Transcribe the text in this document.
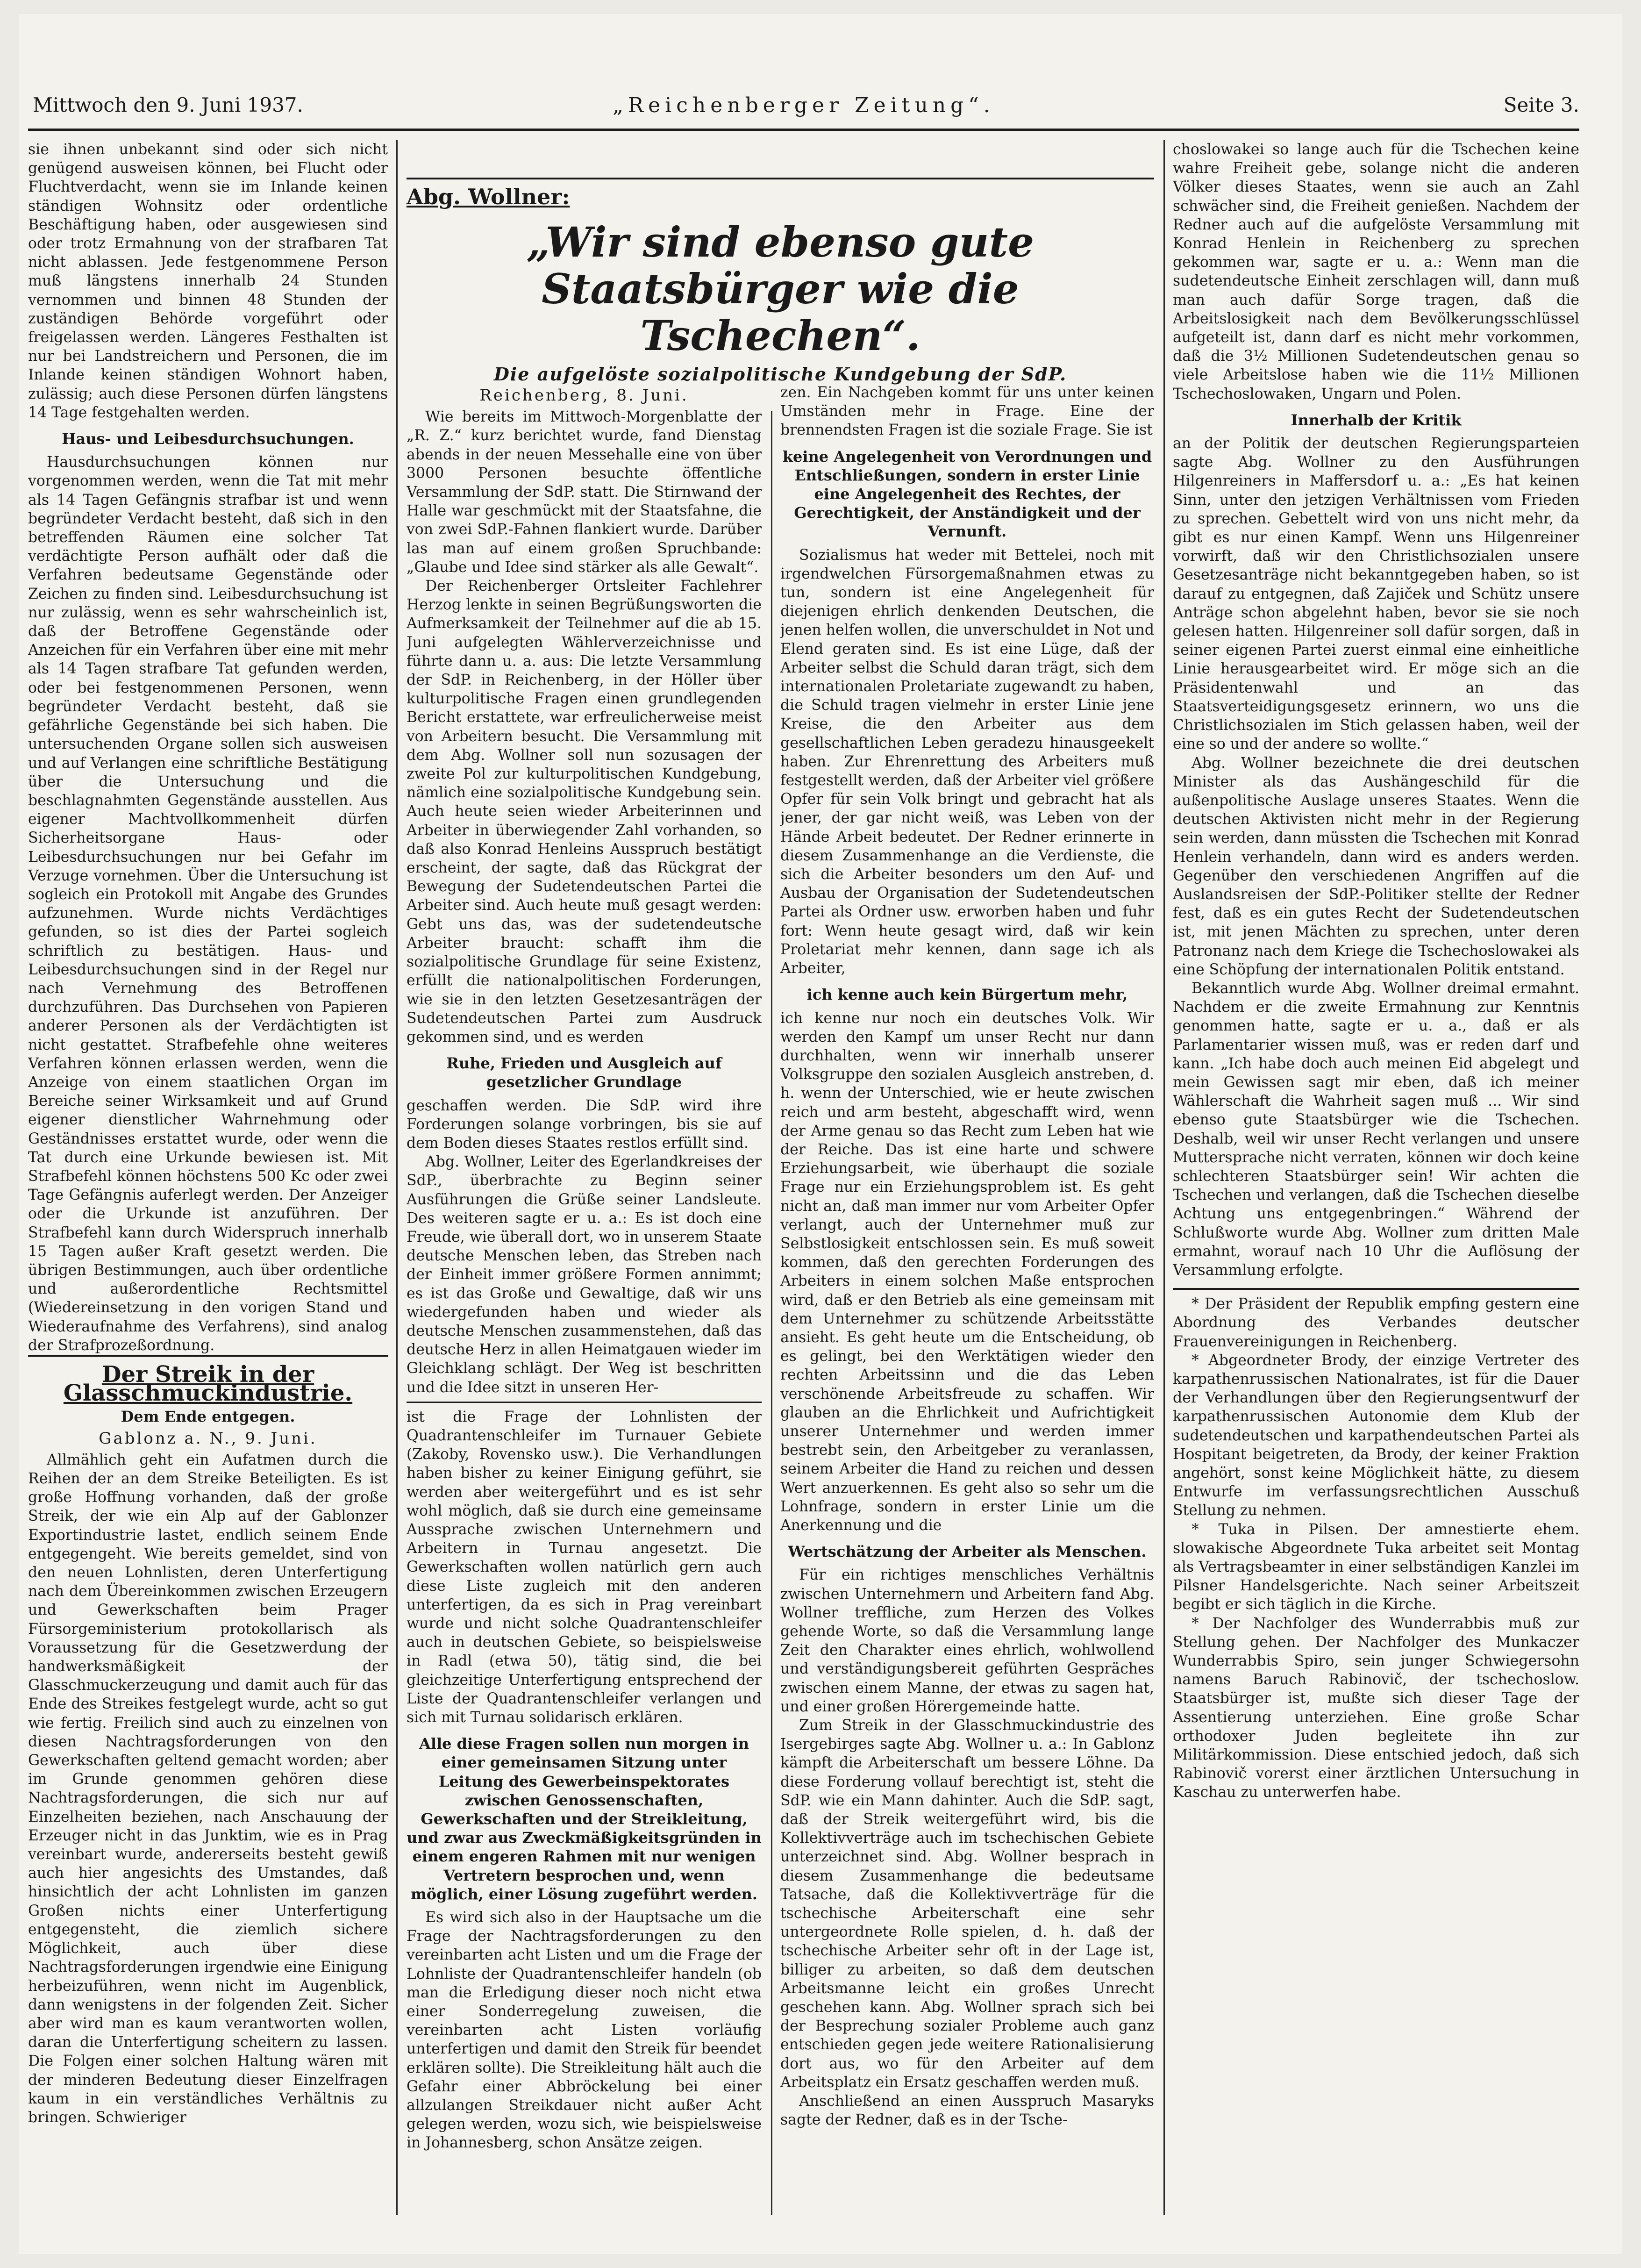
Mittwoch den 9. Juni 1937.	„Reichenberger Zeitung“.	Seite 3.

sie ihnen unbekannt sind oder sich nicht genügend ausweisen können, bei Flucht oder Fluchtverdacht, wenn sie im Inlande keinen ständigen Wohnsitz oder ordentliche Beschäftigung haben, oder ausgewiesen sind oder trotz Ermahnung von der strafbaren Tat nicht ablassen. Jede festgenommene Person muß längstens innerhalb 24 Stunden vernommen und binnen 48 Stunden der zuständigen Behörde vorgeführt oder freigelassen werden. Längeres Festhalten ist nur bei Landstreichern und Personen, die im Inlande keinen ständigen Wohnort haben, zulässig; auch diese Personen dürfen längstens 14 Tage festgehalten werden.

Haus- und Leibesdurchsuchungen.

Hausdurchsuchungen können nur vorgenommen werden, wenn die Tat mit mehr als 14 Tagen Gefängnis strafbar ist und wenn begründeter Verdacht besteht, daß sich in den betreffenden Räumen eine solcher Tat verdächtigte Person aufhält oder daß die Verfahren bedeutsame Gegenstände oder Zeichen zu finden sind. Leibesdurchsuchung ist nur zulässig, wenn es sehr wahrscheinlich ist, daß der Betroffene Gegenstände oder Anzeichen für ein Verfahren über eine mit mehr als 14 Tagen strafbare Tat gefunden werden, oder bei festgenommenen Personen, wenn begründeter Verdacht besteht, daß sie gefährliche Gegenstände bei sich haben. Die untersuchenden Organe sollen sich ausweisen und auf Verlangen eine schriftliche Bestätigung über die Untersuchung und die beschlagnahmten Gegenstände ausstellen. Aus eigener Machtvollkommenheit dürfen Sicherheitsorgane Haus- oder Leibesdurchsuchungen nur bei Gefahr im Verzuge vornehmen. Über die Untersuchung ist sogleich ein Protokoll mit Angabe des Grundes aufzunehmen. Wurde nichts Verdächtiges gefunden, so ist dies der Partei sogleich schriftlich zu bestätigen. Haus- und Leibesdurchsuchungen sind in der Regel nur nach Vernehmung des Betroffenen durchzuführen. Das Durchsehen von Papieren anderer Personen als der Verdächtigten ist nicht gestattet. Strafbefehle ohne weiteres Verfahren können erlassen werden, wenn die Anzeige von einem staatlichen Organ im Bereiche seiner Wirksamkeit und auf Grund eigener dienstlicher Wahrnehmung oder Geständnisses erstattet wurde, oder wenn die Tat durch eine Urkunde bewiesen ist. Mit Strafbefehl können höchstens 500 Kc oder zwei Tage Gefängnis auferlegt werden. Der Anzeiger oder die Urkunde ist anzuführen. Der Strafbefehl kann durch Widerspruch innerhalb 15 Tagen außer Kraft gesetzt werden. Die übrigen Bestimmungen, auch über ordentliche und außerordentliche Rechtsmittel (Wiedereinsetzung in den vorigen Stand und Wiederaufnahme des Verfahrens), sind analog der Strafprozeßordnung.

Der Streik in der Glasschmuckindustrie.
Dem Ende entgegen.
Gablonz a. N., 9. Juni.

Allmählich geht ein Aufatmen durch die Reihen der an dem Streike Beteiligten. Es ist große Hoffnung vorhanden, daß der große Streik, der wie ein Alp auf der Gablonzer Exportindustrie lastet, endlich seinem Ende entgegengeht. Wie bereits gemeldet, sind von den neuen Lohnlisten, deren Unterfertigung nach dem Übereinkommen zwischen Erzeugern und Gewerkschaften beim Prager Fürsorgeministerium protokollarisch als Voraussetzung für die Gesetzwerdung der handwerksmäßigkeit der Glasschmuckerzeugung und damit auch für das Ende des Streikes festgelegt wurde, acht so gut wie fertig. Freilich sind auch zu einzelnen von diesen Nachtragsforderungen von den Gewerkschaften geltend gemacht worden; aber im Grunde genommen gehören diese Nachtragsforderungen, die sich nur auf Einzelheiten beziehen, nach Anschauung der Erzeuger nicht in das Junktim, wie es in Prag vereinbart wurde, andererseits besteht gewiß auch hier angesichts des Umstandes, daß hinsichtlich der acht Lohnlisten im ganzen Großen nichts einer Unterfertigung entgegensteht, die ziemlich sichere Möglichkeit, auch über diese Nachtragsforderungen irgendwie eine Einigung herbeizuführen, wenn nicht im Augenblick, dann wenigstens in der folgenden Zeit. Sicher aber wird man es kaum verantworten wollen, daran die Unterfertigung scheitern zu lassen. Die Folgen einer solchen Haltung wären mit der minderen Bedeutung dieser Einzelfragen kaum in ein verständliches Verhältnis zu bringen. Schwieriger

Abg. Wollner:
„Wir sind ebenso gute Staatsbürger wie die Tschechen“.
Die aufgelöste sozialpolitische Kundgebung der SdP.
Reichenberg, 8. Juni.

Wie bereits im Mittwoch-Morgenblatte der „R. Z.“ kurz berichtet wurde, fand Dienstag abends in der neuen Messehalle eine von über 3000 Personen besuchte öffentliche Versammlung der SdP. statt. Die Stirnwand der Halle war geschmückt mit der Staatsfahne, die von zwei SdP.-Fahnen flankiert wurde. Darüber las man auf einem großen Spruchbande: „Glaube und Idee sind stärker als alle Gewalt“.

Der Reichenberger Ortsleiter Fachlehrer Herzog lenkte in seinen Begrüßungsworten die Aufmerksamkeit der Teilnehmer auf die ab 15. Juni aufgelegten Wählerverzeichnisse und führte dann u. a. aus: Die letzte Versammlung der SdP. in Reichenberg, in der Höller über kulturpolitische Fragen einen grundlegenden Bericht erstattete, war erfreulicherweise meist von Arbeitern besucht. Die Versammlung mit dem Abg. Wollner soll nun sozusagen der zweite Pol zur kulturpolitischen Kundgebung, nämlich eine sozialpolitische Kundgebung sein. Auch heute seien wieder Arbeiterinnen und Arbeiter in überwiegender Zahl vorhanden, so daß also Konrad Henleins Ausspruch bestätigt erscheint, der sagte, daß das Rückgrat der Bewegung der Sudetendeutschen Partei die Arbeiter sind. Auch heute muß gesagt werden: Gebt uns das, was der sudetendeutsche Arbeiter braucht: schafft ihm die sozialpolitische Grundlage für seine Existenz, erfüllt die nationalpolitischen Forderungen, wie sie in den letzten Gesetzesanträgen der Sudetendeutschen Partei zum Ausdruck gekommen sind, und es werden

Ruhe, Frieden und Ausgleich auf gesetzlicher Grundlage

geschaffen werden. Die SdP. wird ihre Forderungen solange vorbringen, bis sie auf dem Boden dieses Staates restlos erfüllt sind.

Abg. Wollner, Leiter des Egerlandkreises der SdP., überbrachte zu Beginn seiner Ausführungen die Grüße seiner Landsleute. Des weiteren sagte er u. a.: Es ist doch eine Freude, wie überall dort, wo in unserem Staate deutsche Menschen leben, das Streben nach der Einheit immer größere Formen annimmt; es ist das Große und Gewaltige, daß wir uns wiedergefunden haben und wieder als deutsche Menschen zusammenstehen, daß das deutsche Herz in allen Heimatgauen wieder im Gleichklang schlägt. Der Weg ist beschritten und die Idee sitzt in unseren Her-

ist die Frage der Lohnlisten der Quadrantenschleifer im Turnauer Gebiete (Zakoby, Rovensko usw.). Die Verhandlungen haben bisher zu keiner Einigung geführt, sie werden aber weitergeführt und es ist sehr wohl möglich, daß sie durch eine gemeinsame Aussprache zwischen Unternehmern und Arbeitern in Turnau angesetzt. Die Gewerkschaften wollen natürlich gern auch diese Liste zugleich mit den anderen unterfertigen, da es sich in Prag vereinbart wurde und nicht solche Quadrantenschleifer auch in deutschen Gebiete, so beispielsweise in Radl (etwa 50), tätig sind, die bei gleichzeitige Unterfertigung entsprechend der Liste der Quadrantenschleifer verlangen und sich mit Turnau solidarisch erklären.

Alle diese Fragen sollen nun morgen in einer gemeinsamen Sitzung unter Leitung des Gewerbeinspektorates zwischen Genossenschaften, Gewerkschaften und der Streikleitung, und zwar aus Zweckmäßigkeitsgründen in einem engeren Rahmen mit nur wenigen Vertretern besprochen und, wenn möglich, einer Lösung zugeführt werden.

Es wird sich also in der Hauptsache um die Frage der Nachtragsforderungen zu den vereinbarten acht Listen und um die Frage der Lohnliste der Quadrantenschleifer handeln (ob man die Erledigung dieser noch nicht etwa einer Sonderregelung zuweisen, die vereinbarten acht Listen vorläufig unterfertigen und damit den Streik für beendet erklären sollte). Die Streikleitung hält auch die Gefahr einer Abbröckelung bei einer allzulangen Streikdauer nicht außer Acht gelegen werden, wozu sich, wie beispielsweise in Johannesberg, schon Ansätze zeigen.

zen. Ein Nachgeben kommt für uns unter keinen Umständen mehr in Frage. Eine der brennendsten Fragen ist die soziale Frage. Sie ist

keine Angelegenheit von Verordnungen und Entschließungen, sondern in erster Linie eine Angelegenheit des Rechtes, der Gerechtigkeit, der Anständigkeit und der Vernunft.

Sozialismus hat weder mit Bettelei, noch mit irgendwelchen Fürsorgemaßnahmen etwas zu tun, sondern ist eine Angelegenheit für diejenigen ehrlich denkenden Deutschen, die jenen helfen wollen, die unverschuldet in Not und Elend geraten sind. Es ist eine Lüge, daß der Arbeiter selbst die Schuld daran trägt, sich dem internationalen Proletariate zugewandt zu haben, die Schuld tragen vielmehr in erster Linie jene Kreise, die den Arbeiter aus dem gesellschaftlichen Leben geradezu hinausgeekelt haben. Zur Ehrenrettung des Arbeiters muß festgestellt werden, daß der Arbeiter viel größere Opfer für sein Volk bringt und gebracht hat als jener, der gar nicht weiß, was Leben von der Hände Arbeit bedeutet. Der Redner erinnerte in diesem Zusammenhange an die Verdienste, die sich die Arbeiter besonders um den Auf- und Ausbau der Organisation der Sudetendeutschen Partei als Ordner usw. erworben haben und fuhr fort: Wenn heute gesagt wird, daß wir kein Proletariat mehr kennen, dann sage ich als Arbeiter,

ich kenne auch kein Bürgertum mehr,

ich kenne nur noch ein deutsches Volk. Wir werden den Kampf um unser Recht nur dann durchhalten, wenn wir innerhalb unserer Volksgruppe den sozialen Ausgleich anstreben, d. h. wenn der Unterschied, wie er heute zwischen reich und arm besteht, abgeschafft wird, wenn der Arme genau so das Recht zum Leben hat wie der Reiche. Das ist eine harte und schwere Erziehungsarbeit, wie überhaupt die soziale Frage nur ein Erziehungsproblem ist. Es geht nicht an, daß man immer nur vom Arbeiter Opfer verlangt, auch der Unternehmer muß zur Selbstlosigkeit entschlossen sein. Es muß soweit kommen, daß den gerechten Forderungen des Arbeiters in einem solchen Maße entsprochen wird, daß er den Betrieb als eine gemeinsam mit dem Unternehmer zu schützende Arbeitsstätte ansieht. Es geht heute um die Entscheidung, ob es gelingt, bei den Werktätigen wieder den rechten Arbeitssinn und die das Leben verschönende Arbeitsfreude zu schaffen. Wir glauben an die Ehrlichkeit und Aufrichtigkeit unserer Unternehmer und werden immer bestrebt sein, den Arbeitgeber zu veranlassen, seinem Arbeiter die Hand zu reichen und dessen Wert anzuerkennen. Es geht also so sehr um die Lohnfrage, sondern in erster Linie um die Anerkennung und die

Wertschätzung der Arbeiter als Menschen.

Für ein richtiges menschliches Verhältnis zwischen Unternehmern und Arbeitern fand Abg. Wollner treffliche, zum Herzen des Volkes gehende Worte, so daß die Versammlung lange Zeit den Charakter eines ehrlich, wohlwollend und verständigungsbereit geführten Gespräches zwischen einem Manne, der etwas zu sagen hat, und einer großen Hörergemeinde hatte.

Zum Streik in der Glasschmuckindustrie des Isergebirges sagte Abg. Wollner u. a.: In Gablonz kämpft die Arbeiterschaft um bessere Löhne. Da diese Forderung vollauf berechtigt ist, steht die SdP. wie ein Mann dahinter. Auch die SdP. sagt, daß der Streik weitergeführt wird, bis die Kollektivverträge auch im tschechischen Gebiete unterzeichnet sind. Abg. Wollner besprach in diesem Zusammenhange die bedeutsame Tatsache, daß die Kollektivverträge für die tschechische Arbeiterschaft eine sehr untergeordnete Rolle spielen, d. h. daß der tschechische Arbeiter sehr oft in der Lage ist, billiger zu arbeiten, so daß dem deutschen Arbeitsmanne leicht ein großes Unrecht geschehen kann. Abg. Wollner sprach sich bei der Besprechung sozialer Probleme auch ganz entschieden gegen jede weitere Rationalisierung dort aus, wo für den Arbeiter auf dem Arbeitsplatz ein Ersatz geschaffen werden muß.

Anschließend an einen Ausspruch Masaryks sagte der Redner, daß es in der Tsche-

choslowakei so lange auch für die Tschechen keine wahre Freiheit gebe, solange nicht die anderen Völker dieses Staates, wenn sie auch an Zahl schwächer sind, die Freiheit genießen. Nachdem der Redner auch auf die aufgelöste Versammlung mit Konrad Henlein in Reichenberg zu sprechen gekommen war, sagte er u. a.: Wenn man die sudetendeutsche Einheit zerschlagen will, dann muß man auch dafür Sorge tragen, daß die Arbeitslosigkeit nach dem Bevölkerungsschlüssel aufgeteilt ist, dann darf es nicht mehr vorkommen, daß die 3½ Millionen Sudetendeutschen genau so viele Arbeitslose haben wie die 11½ Millionen Tschechoslowaken, Ungarn und Polen.

Innerhalb der Kritik

an der Politik der deutschen Regierungsparteien sagte Abg. Wollner zu den Ausführungen Hilgenreiners in Maffersdorf u. a.: „Es hat keinen Sinn, unter den jetzigen Verhältnissen vom Frieden zu sprechen. Gebettelt wird von uns nicht mehr, da gibt es nur einen Kampf. Wenn uns Hilgenreiner vorwirft, daß wir den Christlichsozialen unsere Gesetzesanträge nicht bekanntgegeben haben, so ist darauf zu entgegnen, daß Zajiček und Schütz unsere Anträge schon abgelehnt haben, bevor sie sie noch gelesen hatten. Hilgenreiner soll dafür sorgen, daß in seiner eigenen Partei zuerst einmal eine einheitliche Linie herausgearbeitet wird. Er möge sich an die Präsidentenwahl und an das Staatsverteidigungsgesetz erinnern, wo uns die Christlichsozialen im Stich gelassen haben, weil der eine so und der andere so wollte.“

Abg. Wollner bezeichnete die drei deutschen Minister als das Aushängeschild für die außenpolitische Auslage unseres Staates. Wenn die deutschen Aktivisten nicht mehr in der Regierung sein werden, dann müssten die Tschechen mit Konrad Henlein verhandeln, dann wird es anders werden. Gegenüber den verschiedenen Angriffen auf die Auslandsreisen der SdP.-Politiker stellte der Redner fest, daß es ein gutes Recht der Sudetendeutschen ist, mit jenen Mächten zu sprechen, unter deren Patronanz nach dem Kriege die Tschechoslowakei als eine Schöpfung der internationalen Politik entstand.

Bekanntlich wurde Abg. Wollner dreimal ermahnt. Nachdem er die zweite Ermahnung zur Kenntnis genommen hatte, sagte er u. a., daß er als Parlamentarier wissen muß, was er reden darf und kann. „Ich habe doch auch meinen Eid abgelegt und mein Gewissen sagt mir eben, daß ich meiner Wählerschaft die Wahrheit sagen muß ... Wir sind ebenso gute Staatsbürger wie die Tschechen. Deshalb, weil wir unser Recht verlangen und unsere Muttersprache nicht verraten, können wir doch keine schlechteren Staatsbürger sein! Wir achten die Tschechen und verlangen, daß die Tschechen dieselbe Achtung uns entgegenbringen.“ Während der Schlußworte wurde Abg. Wollner zum dritten Male ermahnt, worauf nach 10 Uhr die Auflösung der Versammlung erfolgte.

* Der Präsident der Republik empfing gestern eine Abordnung des Verbandes deutscher Frauenvereinigungen in Reichenberg.

* Abgeordneter Brody, der einzige Vertreter des karpathenrussischen Nationalrates, ist für die Dauer der Verhandlungen über den Regierungsentwurf der karpathenrussischen Autonomie dem Klub der sudetendeutschen und karpathendeutschen Partei als Hospitant beigetreten, da Brody, der keiner Fraktion angehört, sonst keine Möglichkeit hätte, zu diesem Entwurfe im verfassungsrechtlichen Ausschuß Stellung zu nehmen.

* Tuka in Pilsen. Der amnestierte ehem. slowakische Abgeordnete Tuka arbeitet seit Montag als Vertragsbeamter in einer selbständigen Kanzlei im Pilsner Handelsgerichte. Nach seiner Arbeitszeit begibt er sich täglich in die Kirche.

* Der Nachfolger des Wunderrabbis muß zur Stellung gehen. Der Nachfolger des Munkaczer Wunderrabbis Spiro, sein junger Schwiegersohn namens Baruch Rabinovič, der tschechoslow. Staatsbürger ist, mußte sich dieser Tage der Assentierung unterziehen. Eine große Schar orthodoxer Juden begleitete ihn zur Militärkommission. Diese entschied jedoch, daß sich Rabinovič vorerst einer ärztlichen Untersuchung in Kaschau zu unterwerfen habe.
